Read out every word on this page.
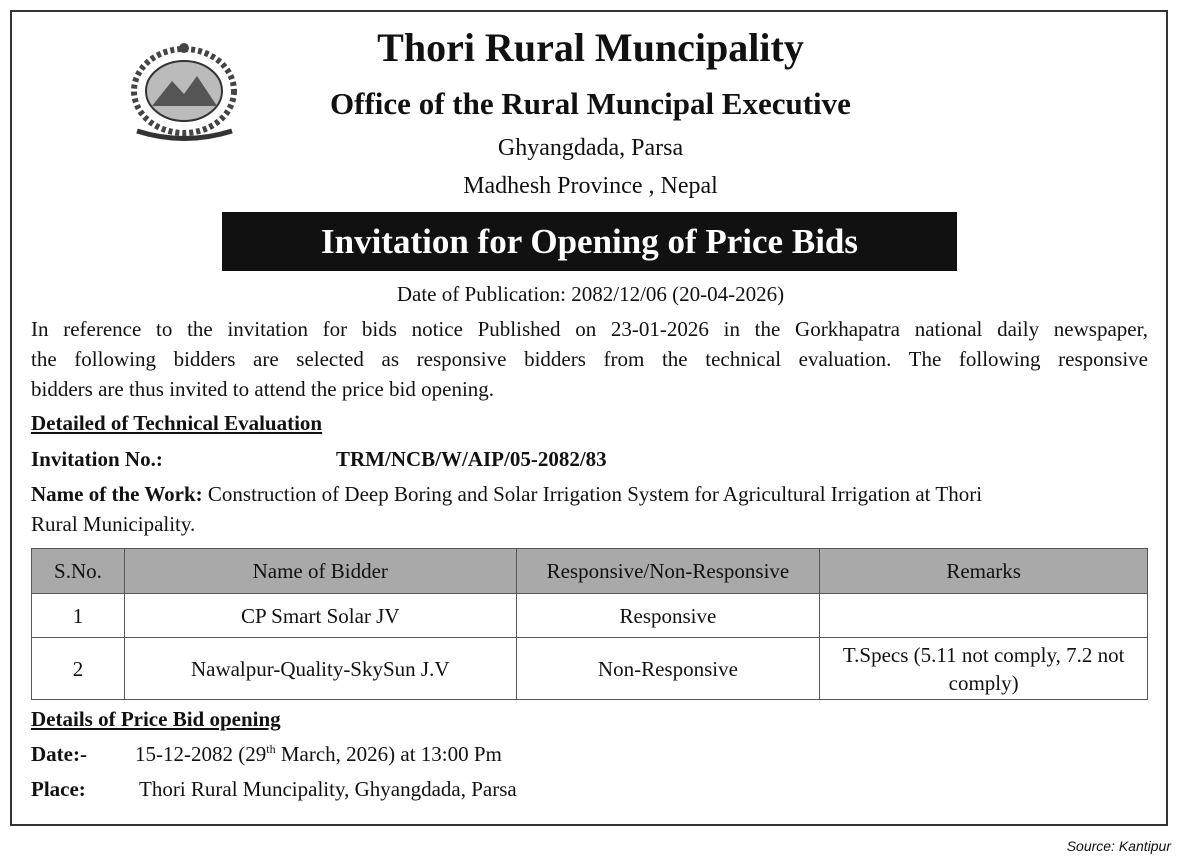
Thori Rural Muncipality
Office of the Rural Muncipal Executive
Ghyangdada, Parsa
Madhesh Province , Nepal
Invitation for Opening of Price Bids
Date of Publication: 2082/12/06 (20-04-2026)
In reference to the invitation for bids notice Published on 23-01-2026 in the Gorkhapatra national daily newspaper,
the following bidders are selected as responsive bidders from the technical evaluation. The following responsive
bidders are thus invited to attend the price bid opening.
Detailed of Technical Evaluation
Invitation No.:	TRM/NCB/W/AIP/05-2082/83
Name of the Work: Construction of Deep Boring and Solar Irrigation System for Agricultural Irrigation at Thori
Rural Municipality.
S.No.	Name of Bidder	Responsive/Non-Responsive	Remarks
1	CP Smart Solar JV	Responsive	
2	Nawalpur-Quality-SkySun J.V	Non-Responsive	T.Specs (5.11 not comply, 7.2 not comply)
Details of Price Bid opening
Date:- 15-12-2082 (29th March, 2026) at 13:00 Pm
Place:	Thori Rural Muncipality, Ghyangdada, Parsa
Source: Kantipur
